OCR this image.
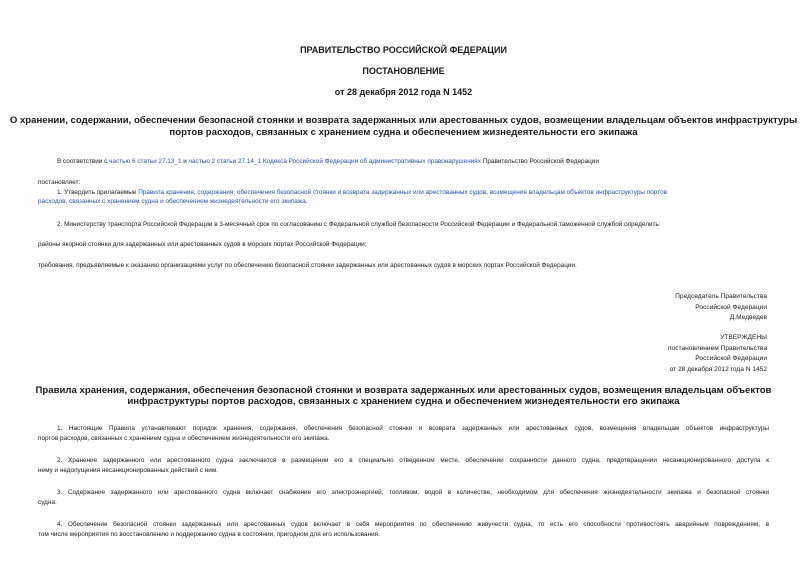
ПРАВИТЕЛЬСТВО РОССИЙСКОЙ ФЕДЕРАЦИИ
ПОСТАНОВЛЕНИЕ
от 28 декабря 2012 года N 1452
О хранении, содержании, обеспечении безопасной стоянки и возврата задержанных или арестованных судов, возмещении владельцам объектов инфраструктуры
портов расходов, связанных с хранением судна и обеспечением жизнедеятельности его экипажа
В соответствии с частью 6 статьи 27.13_1 и частью 2 статьи 27.14_1 Кодекса Российской Федерации об административных правонарушениях Правительство Российской Федерации
постановляет:
1. Утвердить прилагаемые Правила хранения, содержания, обеспечения безопасной стоянки и возврата задержанных или арестованных судов, возмещения владельцам объектов инфраструктуры портов
расходов, связанных с хранением судна и обеспечением жизнедеятельности его экипажа.
2. Министерству транспорта Российской Федерации в 3-месячный срок по согласованию с Федеральной службой безопасности Российской Федерации и Федеральной таможенной службой определить:
районы якорной стоянки для задержанных или арестованных судов в морских портах Российской Федерации;
требования, предъявляемые к оказанию организациями услуг по обеспечению безопасной стоянки задержанных или арестованных судов в морских портах Российской Федерации.
Председатель Правительства
Российской Федерации
Д.Медведев
УТВЕРЖДЕНЫ
постановлением Правительства
Российской Федерации
от 28 декабря 2012 года N 1452
Правила хранения, содержания, обеспечения безопасной стоянки и возврата задержанных или арестованных судов, возмещения владельцам объектов
инфраструктуры портов расходов, связанных с хранением судна и обеспечением жизнедеятельности его экипажа
1. Настоящие Правила устанавливают порядок хранения, содержания, обеспечения безопасной стоянки и возврата задержанных или арестованных судов, возмещения владельцам объектов инфраструктуры
портов расходов, связанных с хранением судна и обеспечением жизнедеятельности его экипажа.
2. Хранение задержанного или арестованного судна заключается в размещении его в специально отведенном месте, обеспечении сохранности данного судна, предотвращении несанкционированного доступа к
нему и недопущения несанкционированных действий с ним.
3. Содержание задержанного или арестованного судна включает снабжение его электроэнергией, топливом, водой в количестве, необходимом для обеспечения жизнедеятельности экипажа и безопасной стоянки
судна.
4. Обеспечение безопасной стоянки задержанных или арестованных судов включает в себя мероприятия по обеспечению живучести судна, то есть его способности противостоять аварийным повреждениям, в
том числе мероприятия по восстановлению и поддержанию судна в состоянии, пригодном для его использования.
